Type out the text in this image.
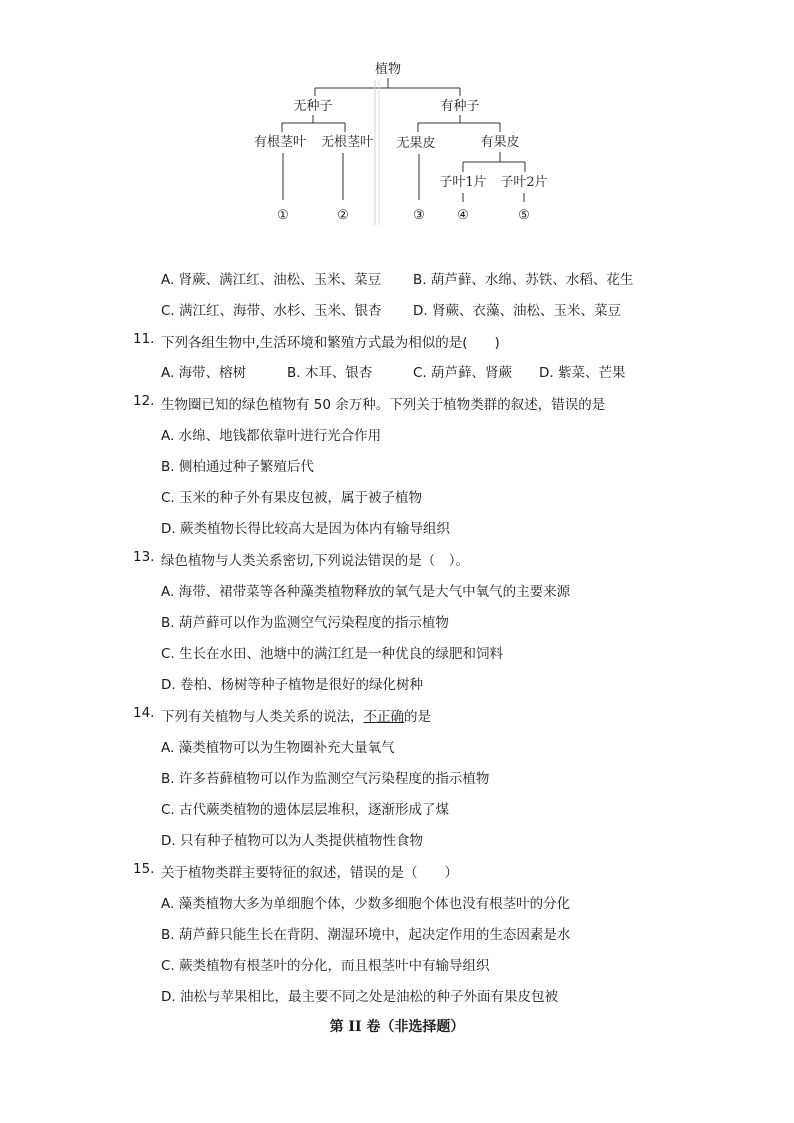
植物
无种子	有种子
有根茎叶 无根茎叶 无果皮	有果皮
子叶1片 子叶2片
①	②	③ ④	⑤
A. 肾蕨、满江红、油松、玉米、菜豆 B. 葫芦藓、水绵、苏铁、水稻、花生
C. 满江红、海带、水杉、玉米、银杏 D. 肾蕨、衣藻、油松、玉米、菜豆
11. 下列各组生物中,生活环境和繁殖方式最为相似的是(　　)
A. 海带、榕树	B. 木耳、银杏	C. 葫芦藓、肾蕨 D. 紫菜、芒果
12. 生物圈已知的绿色植物有 50 余万种。下列关于植物类群的叙述，错误的是
A. 水绵、地钱都依靠叶进行光合作用
B. 侧柏通过种子繁殖后代
C. 玉米的种子外有果皮包被，属于被子植物
D. 蕨类植物长得比较高大是因为体内有输导组织
13. 绿色植物与人类关系密切,下列说法错误的是（　）。
A. 海带、裙带菜等各种藻类植物释放的氧气是大气中氧气的主要来源
B. 葫芦藓可以作为监测空气污染程度的指示植物
C. 生长在水田、池塘中的满江红是一种优良的绿肥和饲料
D. 卷柏、杨树等种子植物是很好的绿化树种
14. 下列有关植物与人类关系的说法，不正确的是
A. 藻类植物可以为生物圈补充大量氧气
B. 许多苔藓植物可以作为监测空气污染程度的指示植物
C. 古代蕨类植物的遗体层层堆积，逐渐形成了煤
D. 只有种子植物可以为人类提供植物性食物
15. 关于植物类群主要特征的叙述，错误的是（　　）
A. 藻类植物大多为单细胞个体，少数多细胞个体也没有根茎叶的分化
B. 葫芦藓只能生长在背阴、潮湿环境中，起决定作用的生态因素是水
C. 蕨类植物有根茎叶的分化，而且根茎叶中有输导组织
D. 油松与苹果相比，最主要不同之处是油松的种子外面有果皮包被
第 II 卷（非选择题）
